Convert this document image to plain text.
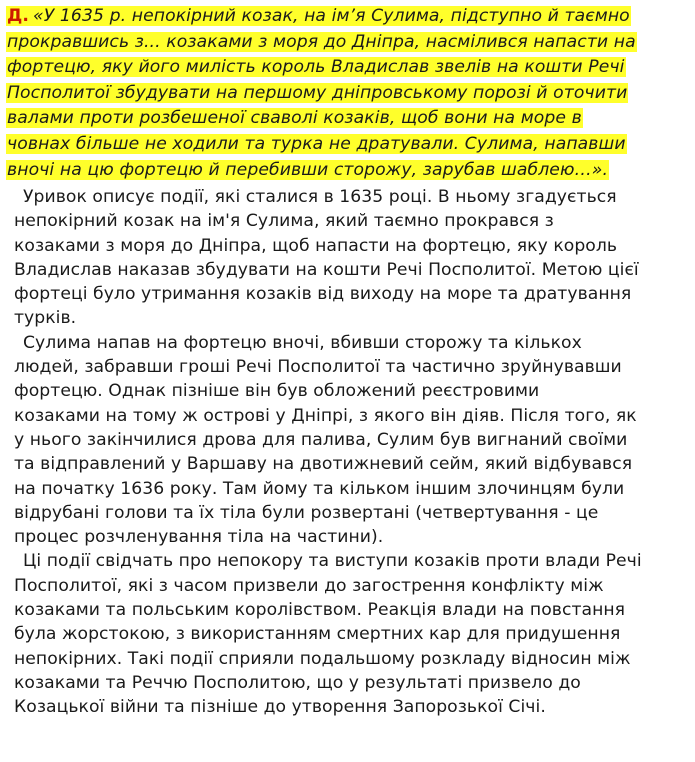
Д. «У 1635 р. непокірний козак, на ім’я Сулима, підступно й таємно
прокравшись з... козаками з моря до Дніпра, насмілився напасти на
фортецю, яку його милість король Владислав звелів на кошти Речі
Посполитої збудувати на першому дніпровському порозі й оточити
валами проти розбешеної сваволі козаків, щоб вони на море в
човнах більше не ходили та турка не дратували. Сулима, напавши
вночі на цю фортецю й перебивши сторожу, зарубав шаблею…».
Уривок описує події, які сталися в 1635 році. В ньому згадується
непокірний козак на ім'я Сулима, який таємно прокрався з
козаками з моря до Дніпра, щоб напасти на фортецю, яку король
Владислав наказав збудувати на кошти Речі Посполитої. Метою цієї
фортеці було утримання козаків від виходу на море та дратування
турків.
Сулима напав на фортецю вночі, вбивши сторожу та кількох
людей, забравши гроші Речі Посполитої та частично зруйнувавши
фортецю. Однак пізніше він був обложений реєстровими
козаками на тому ж острові у Дніпрі, з якого він діяв. Після того, як
у нього закінчилися дрова для палива, Сулим був вигнаний своїми
та відправлений у Варшаву на двотижневий сейм, який відбувався
на початку 1636 року. Там йому та кільком іншим злочинцям були
відрубані голови та їх тіла були розвертані (четвертування - це
процес розчленування тіла на частини).
Ці події свідчать про непокору та виступи козаків проти влади Речі
Посполитої, які з часом призвели до загострення конфлікту між
козаками та польським королівством. Реакція влади на повстання
була жорстокою, з використанням смертних кар для придушення
непокірних. Такі події сприяли подальшому розкладу відносин між
козаками та Реччю Посполитою, що у результаті призвело до
Козацької війни та пізніше до утворення Запорозької Січі.
